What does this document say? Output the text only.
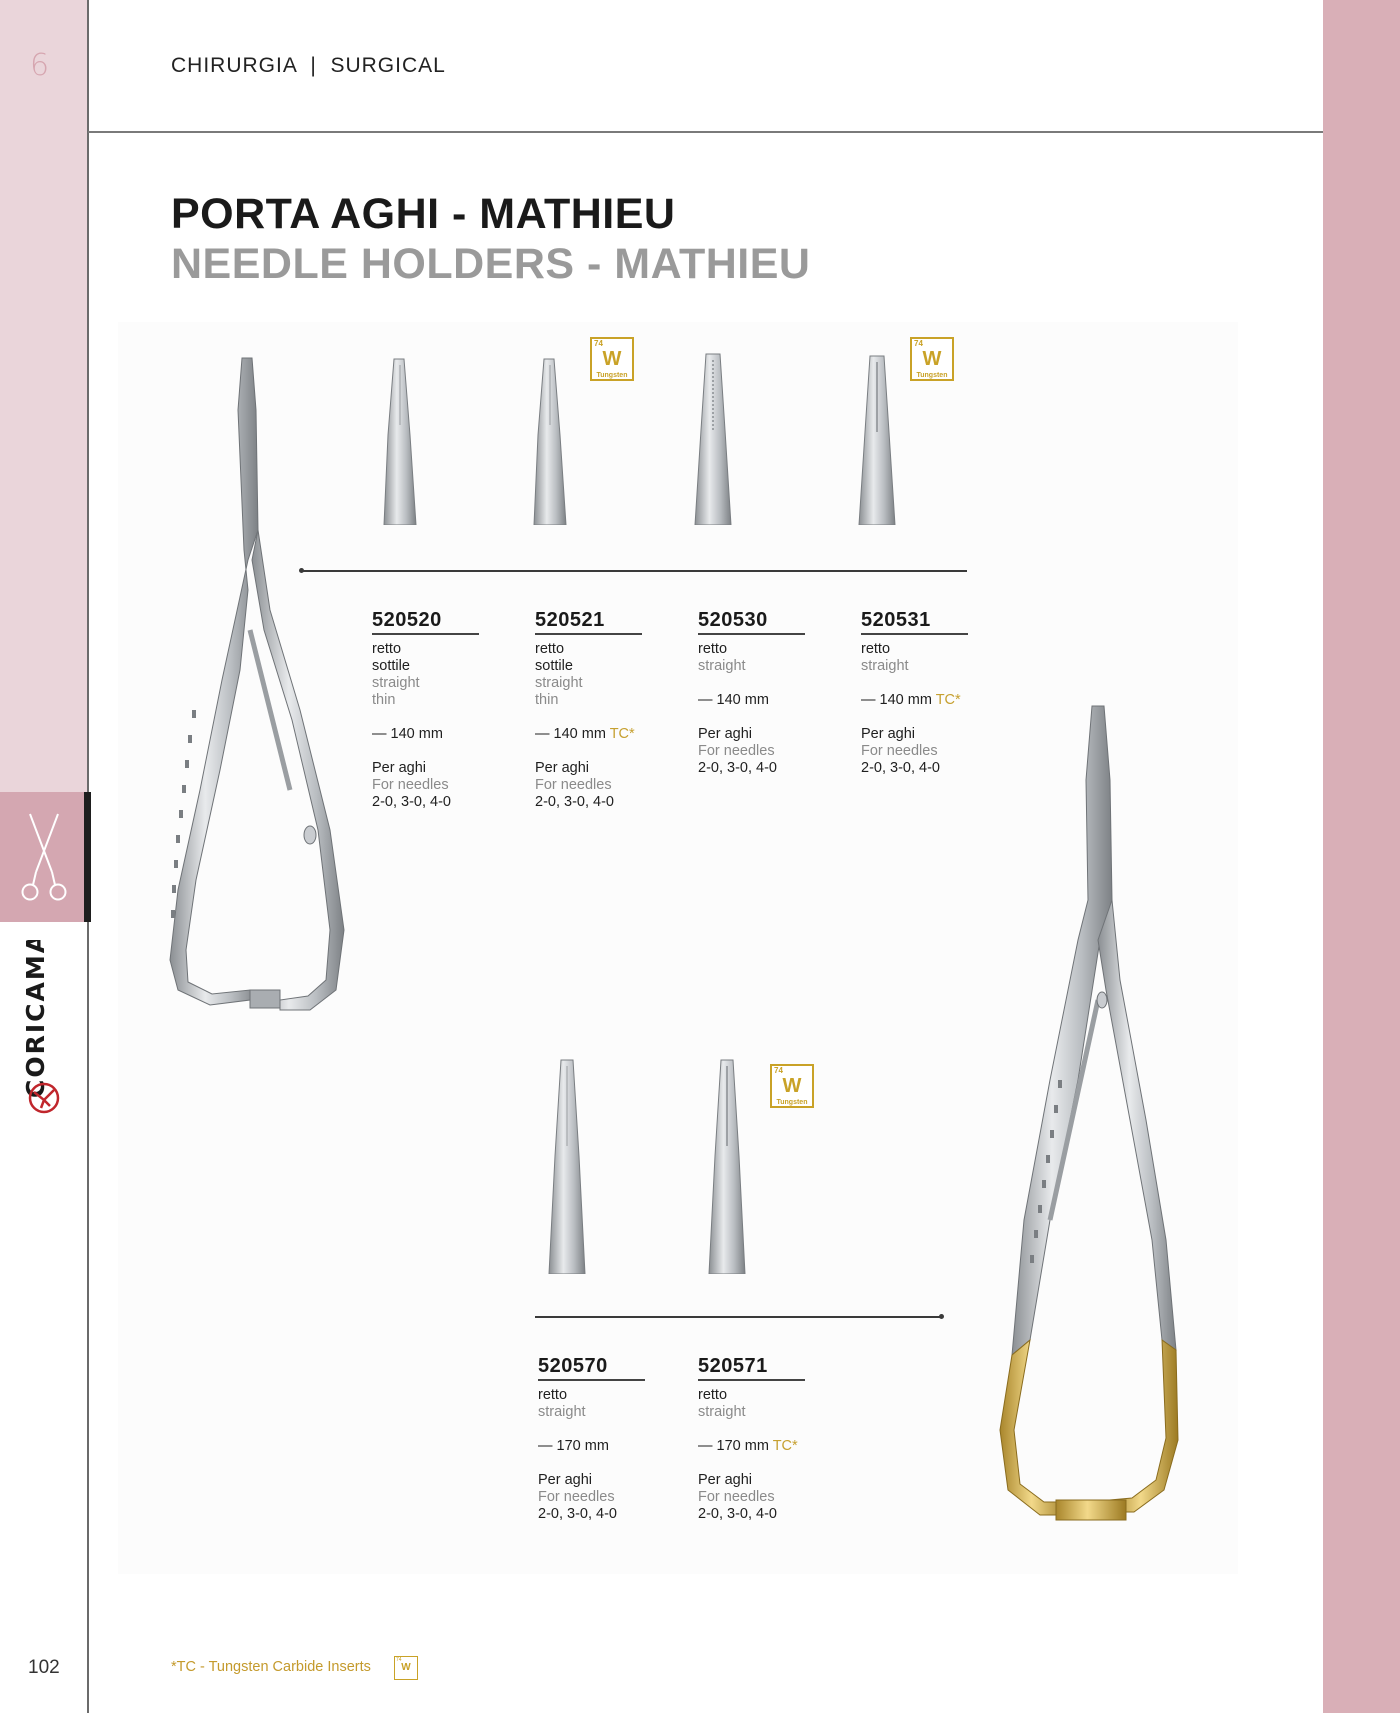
6	CHIRURGIA  |  SURGICAL
CORICAMA
PORTA AGHI - MATHIEU
NEEDLE HOLDERS - MATHIEU
74
W
Tungsten
74
W
Tungsten
74
W
Tungsten
520520
retto
sottile
straight
thin
— 140 mm
Per aghi
For needles
2-0, 3-0, 4-0
520521
retto
sottile
straight
thin
— 140 mm TC*
Per aghi
For needles
2-0, 3-0, 4-0
520530
retto
straight
— 140 mm
Per aghi
For needles
2-0, 3-0, 4-0
520531
retto
straight
— 140 mm TC*
Per aghi
For needles
2-0, 3-0, 4-0
520570
retto
straight
— 170 mm
Per aghi
For needles
2-0, 3-0, 4-0
520571
retto
straight
— 170 mm TC*
Per aghi
For needles
2-0, 3-0, 4-0
102	*TC - Tungsten Carbide Inserts	74
W
